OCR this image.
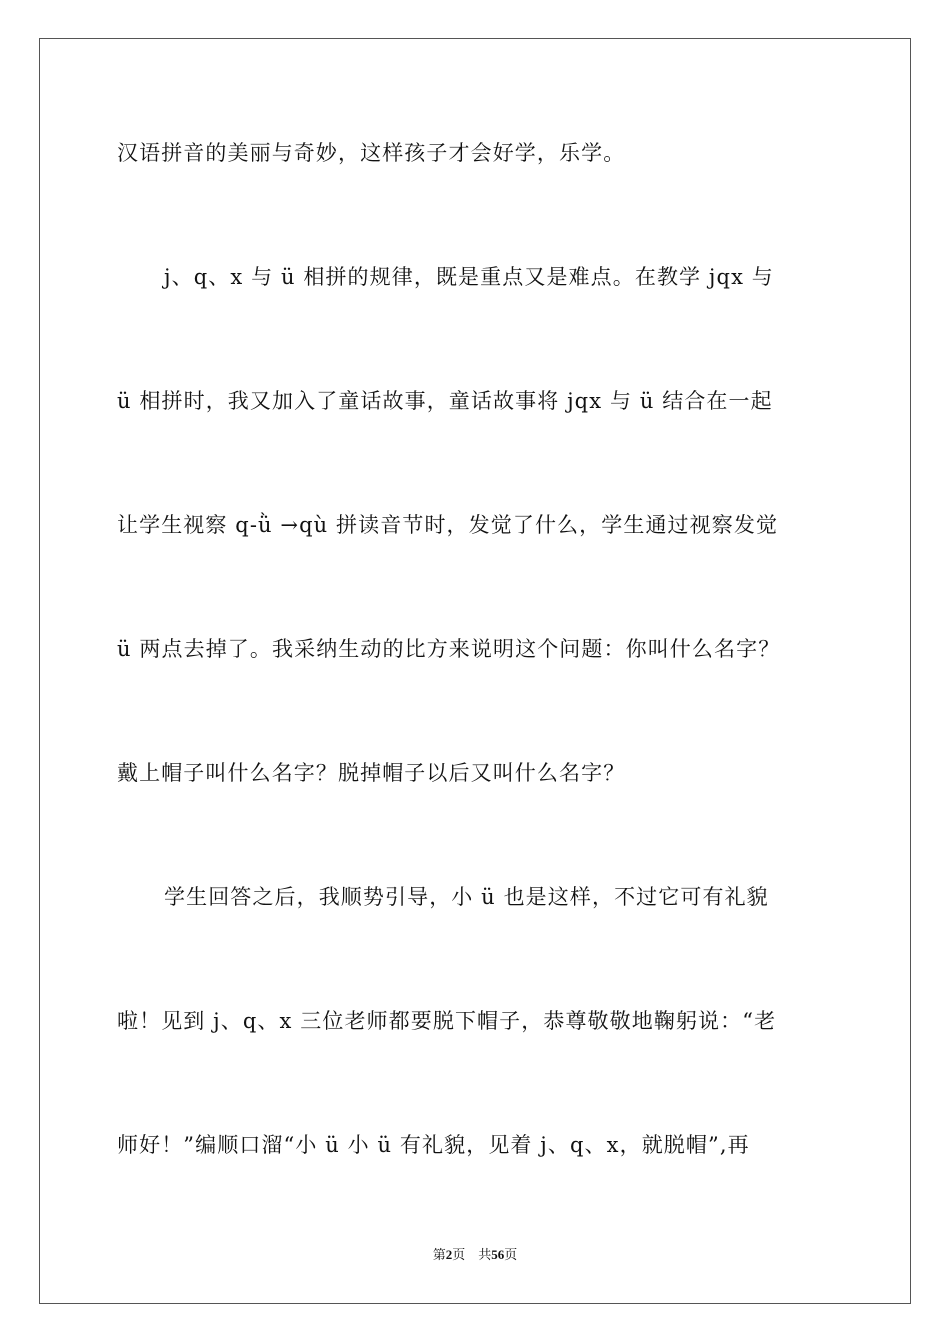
汉语拼音的美丽与奇妙，这样孩子才会好学，乐学。
j、q、x 与 ü 相拼的规律，既是重点又是难点。在教学 jqx 与
ü 相拼时，我又加入了童话故事，童话故事将 jqx 与 ü 结合在一起
让学生视察 q-ǜ →qù 拼读音节时，发觉了什么，学生通过视察发觉
ü 两点去掉了。我采纳生动的比方来说明这个问题：你叫什么名字？
戴上帽子叫什么名字？脱掉帽子以后又叫什么名字？
学生回答之后，我顺势引导，小 ü 也是这样，不过它可有礼貌
啦！见到 j、q、x 三位老师都要脱下帽子，恭尊敬敬地鞠躬说：“老
师好！”编顺口溜“小 ü 小 ü 有礼貌，见着 j、q、x，就脱帽”,再
第2页 共56页
